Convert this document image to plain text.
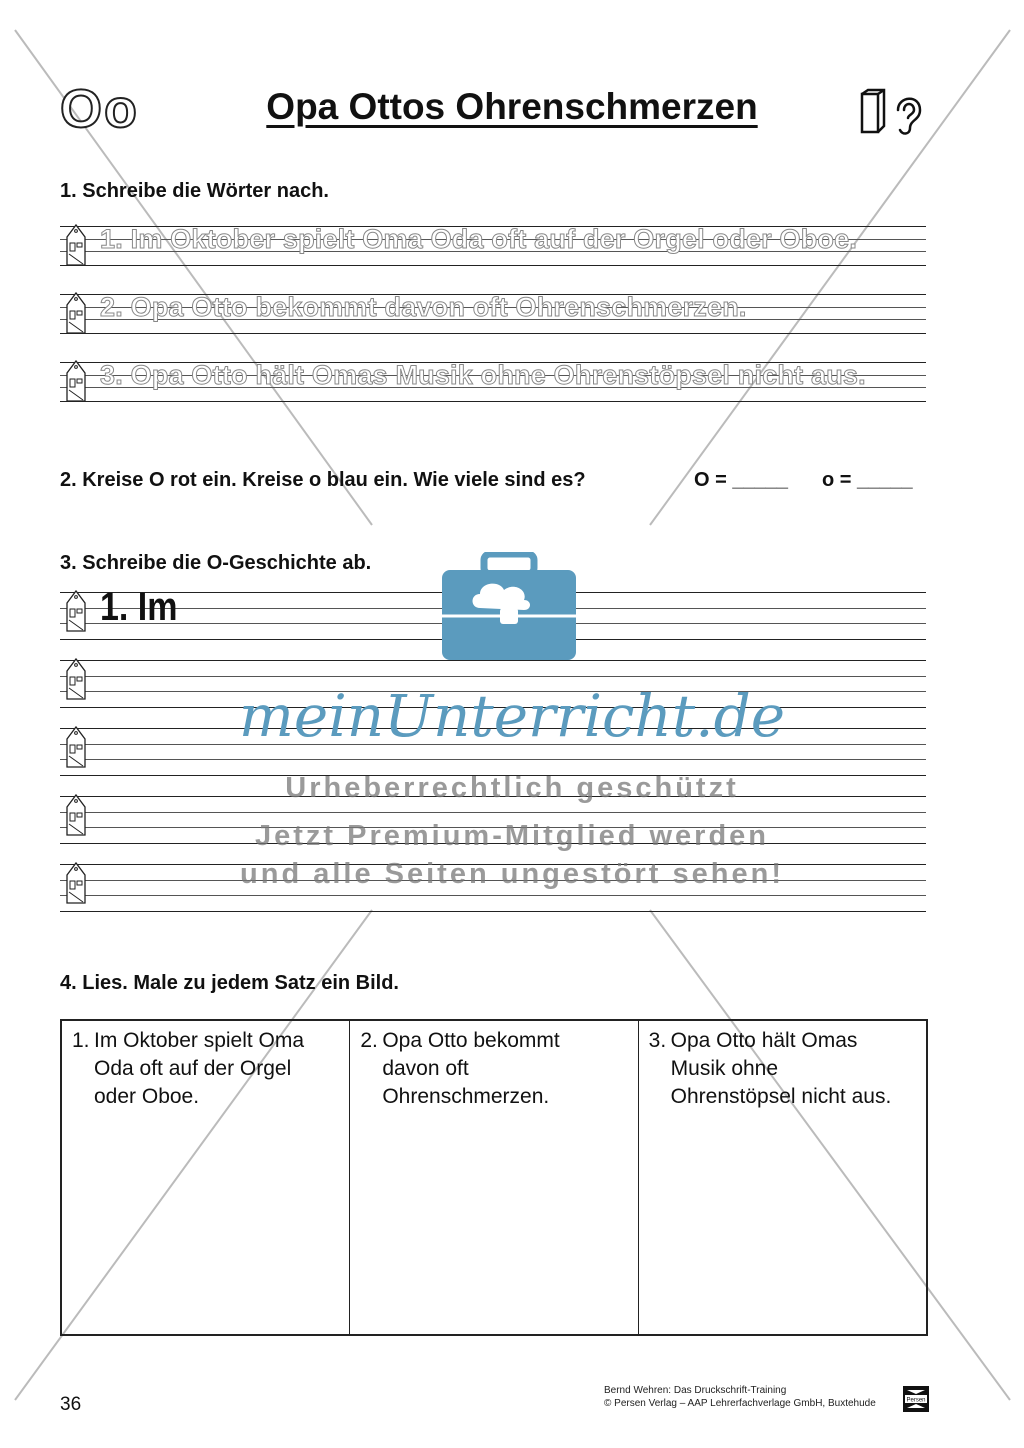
Oo	Opa Ottos Ohrenschmerzen
1. Schreibe die Wörter nach.
1. Im Oktober spielt Oma Oda oft auf der Orgel oder Oboe.
2. Opa Otto bekommt davon oft Ohrenschmerzen.
3. Opa Otto hält Omas Musik ohne Ohrenstöpsel nicht aus.
2. Kreise O rot ein. Kreise o blau ein. Wie viele sind es?	O = _____ o = _____
3. Schreibe die O-Geschichte ab.
1. Im
meinUnterricht.de
Urheberrechtlich geschützt
Jetzt Premium-Mitglied werden
und alle Seiten ungestört sehen!
4. Lies. Male zu jedem Satz ein Bild.
1. Im Oktober spielt Oma
Oda oft auf der Orgel
oder Oboe.
2. Opa Otto bekommt
davon oft
Ohrenschmerzen.
3. Opa Otto hält Omas
Musik ohne
Ohrenstöpsel nicht aus.
36
Bernd Wehren: Das Druckschrift-Training
© Persen Verlag – AAP Lehrerfachverlage GmbH, Buxtehude	Persen
